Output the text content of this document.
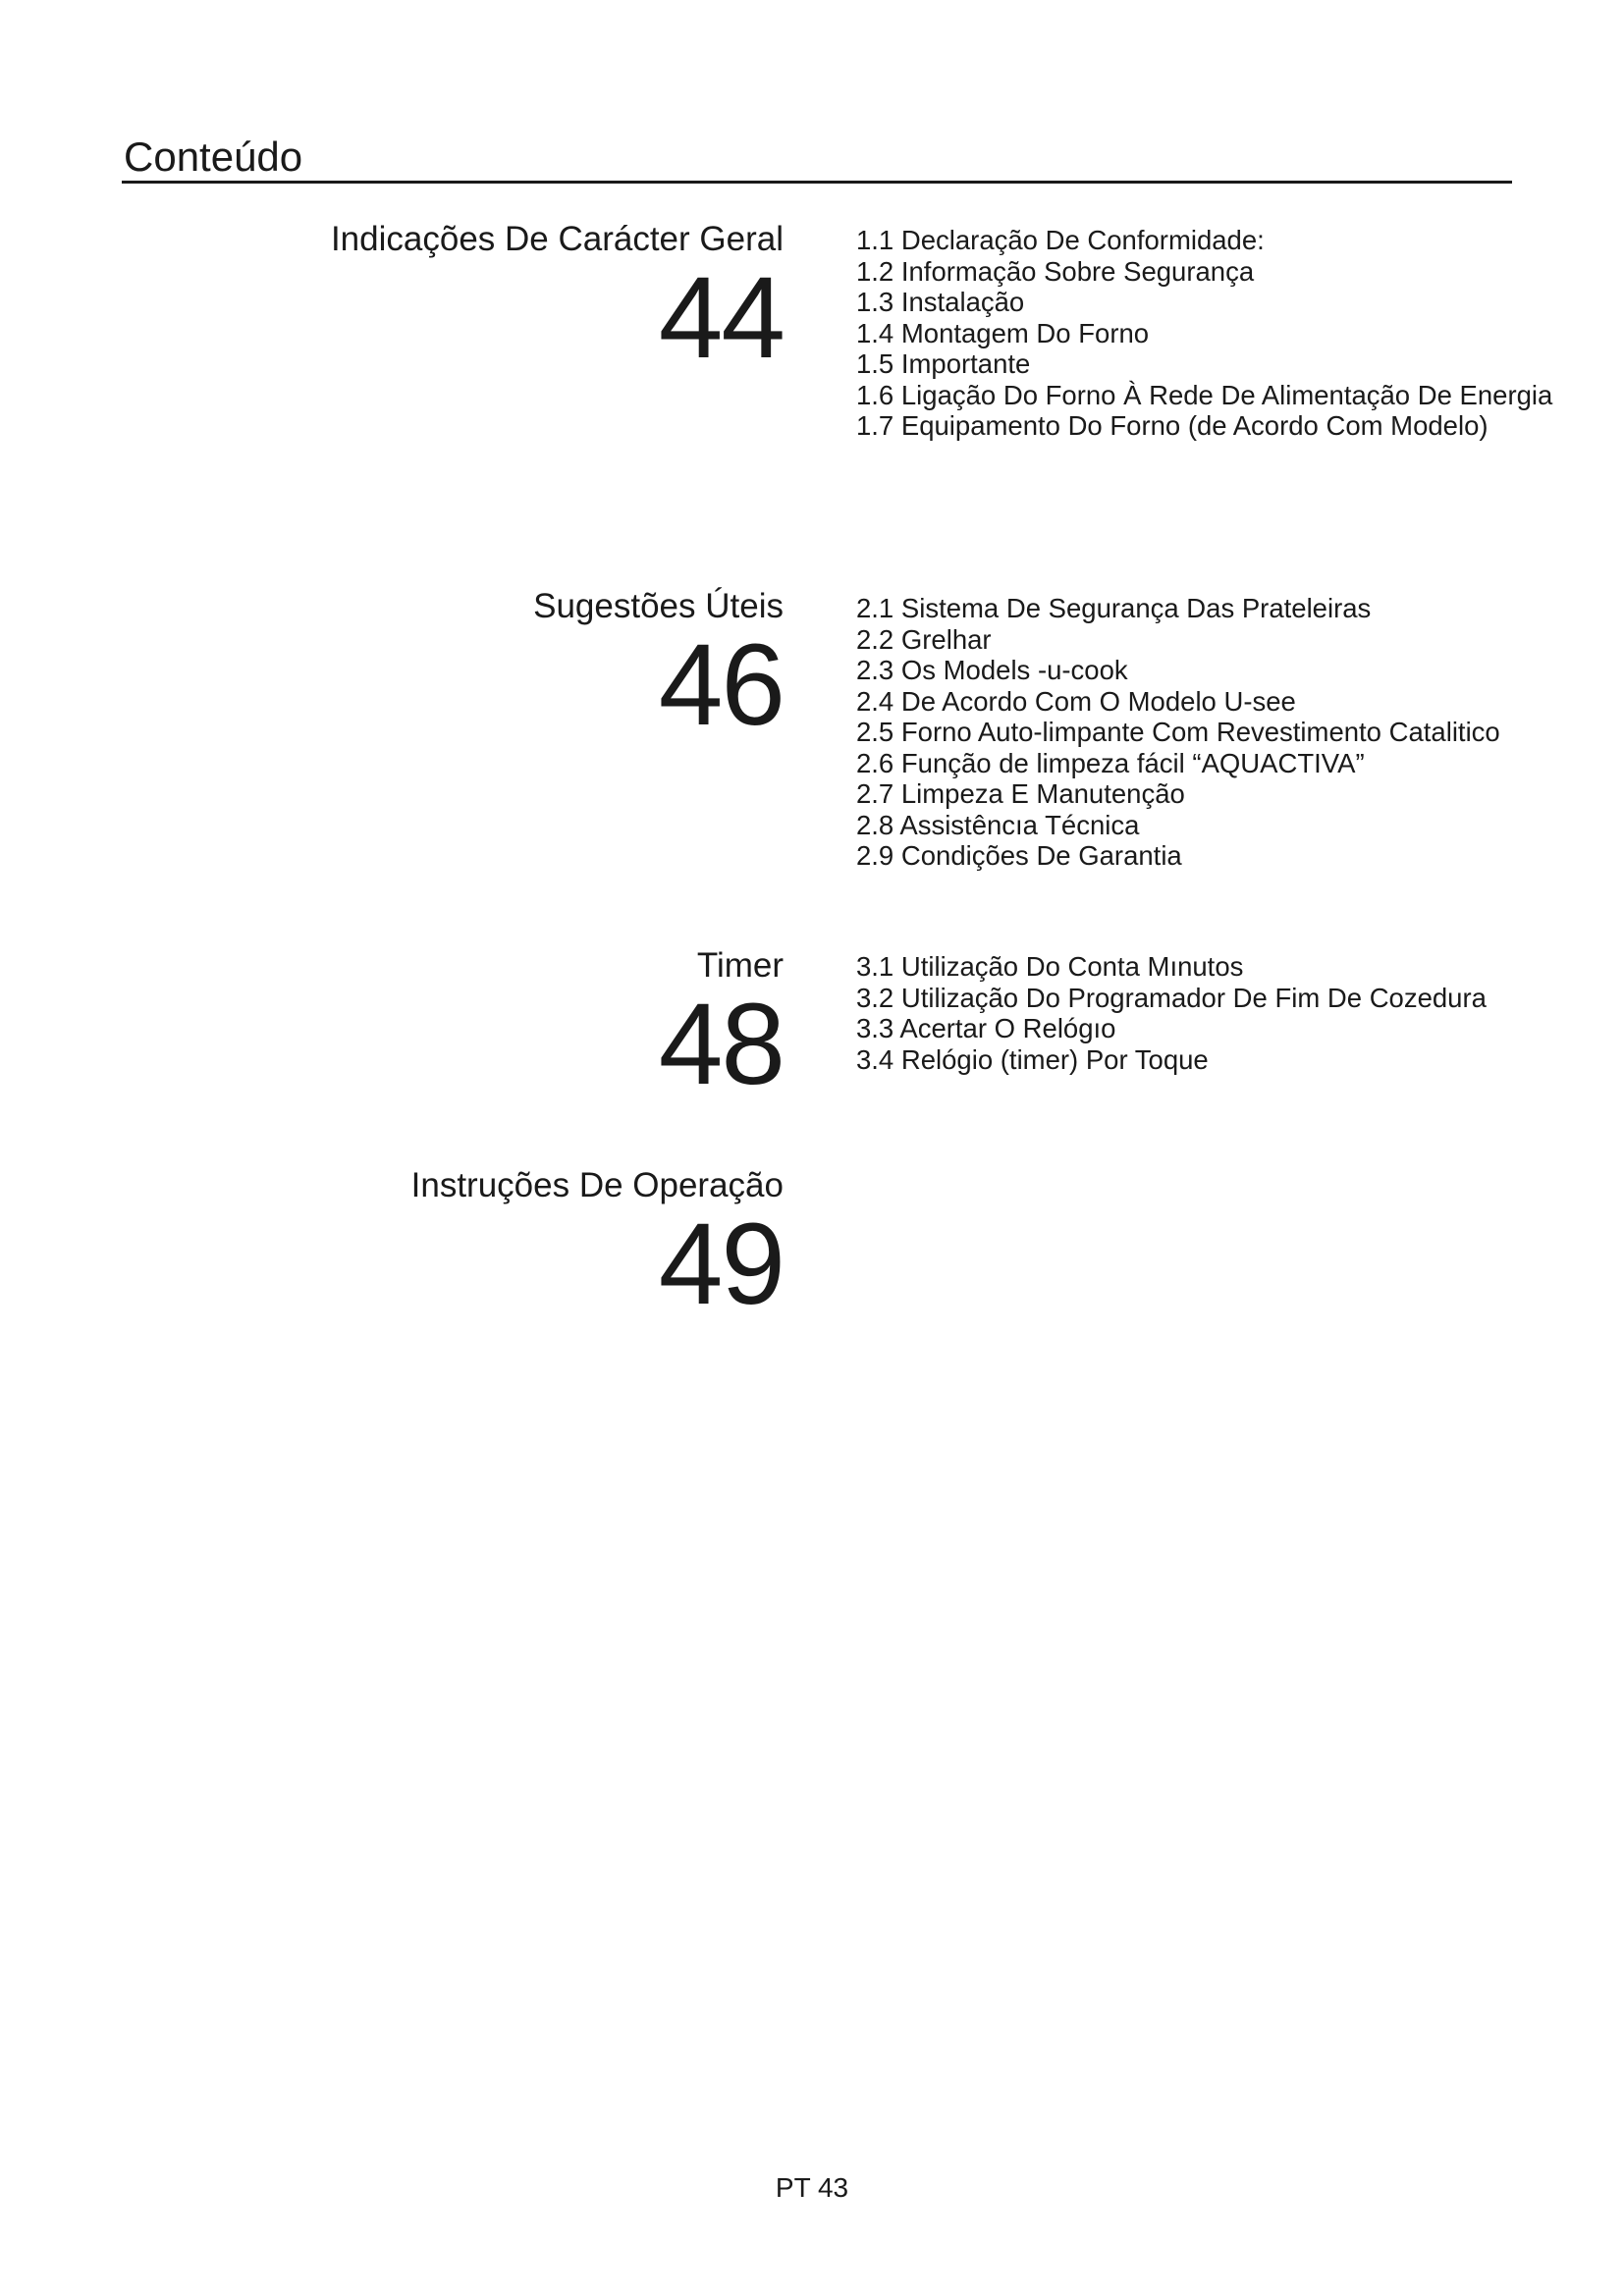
Conteúdo
Indicações De Carácter Geral
44
1.1 Declaração De Conformidade:
1.2 Informação Sobre Segurança
1.3 Instalação
1.4 Montagem Do Forno
1.5 Importante
1.6 Ligação Do Forno À Rede De Alimentação De Energia
1.7 Equipamento Do Forno (de Acordo Com Modelo)
Sugestões Úteis
46
2.1 Sistema De Segurança Das Prateleiras
2.2 Grelhar
2.3 Os Models -u-cook
2.4 De Acordo Com O Modelo U-see
2.5 Forno Auto-limpante Com Revestimento Catalitico
2.6 Função de limpeza fácil “AQUACTIVA”
2.7 Limpeza E Manutenção
2.8 Assistêncıa Técnica
2.9 Condições De Garantia
Timer
48
3.1 Utilização Do Conta Mınutos
3.2 Utilização Do Programador De Fim De Cozedura
3.3 Acertar O Relógıo
3.4 Relógio (timer) Por Toque
Instruções De Operação
49
PT 43
